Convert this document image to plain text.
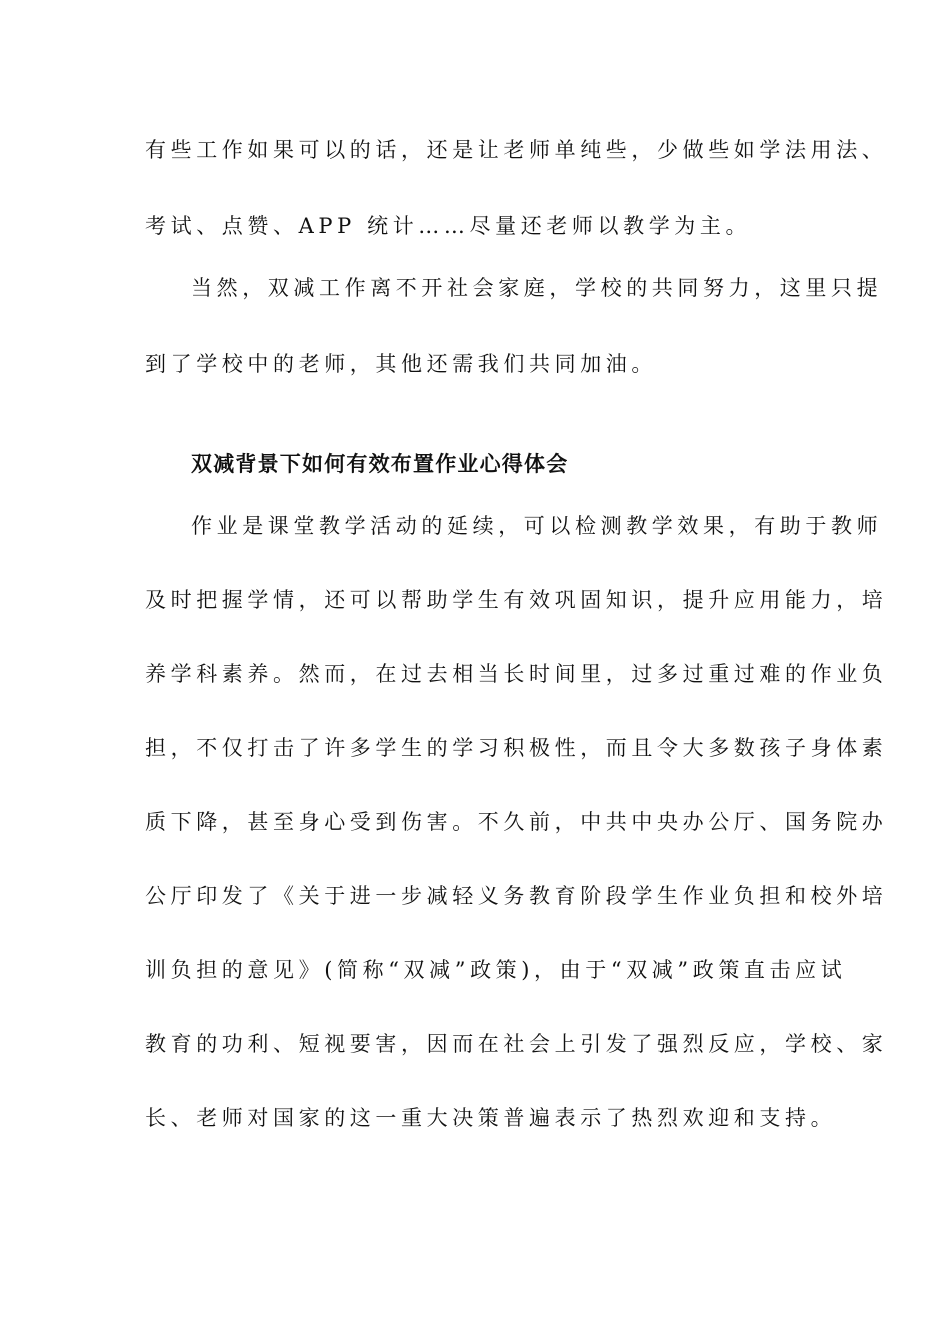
有些工作如果可以的话，还是让老师单纯些，少做些如学法用法、
考试、点赞、APP 统计……尽量还老师以教学为主。
当然，双减工作离不开社会家庭，学校的共同努力，这里只提
到了学校中的老师，其他还需我们共同加油。
双减背景下如何有效布置作业心得体会
作业是课堂教学活动的延续，可以检测教学效果，有助于教师
及时把握学情，还可以帮助学生有效巩固知识，提升应用能力，培
养学科素养。然而，在过去相当长时间里，过多过重过难的作业负
担，不仅打击了许多学生的学习积极性，而且令大多数孩子身体素
质下降，甚至身心受到伤害。不久前，中共中央办公厅、国务院办
公厅印发了《关于进一步减轻义务教育阶段学生作业负担和校外培
训负担的意见》(简称“双减”政策)，由于“双减”政策直击应试
教育的功利、短视要害，因而在社会上引发了强烈反应，学校、家
长、老师对国家的这一重大决策普遍表示了热烈欢迎和支持。
